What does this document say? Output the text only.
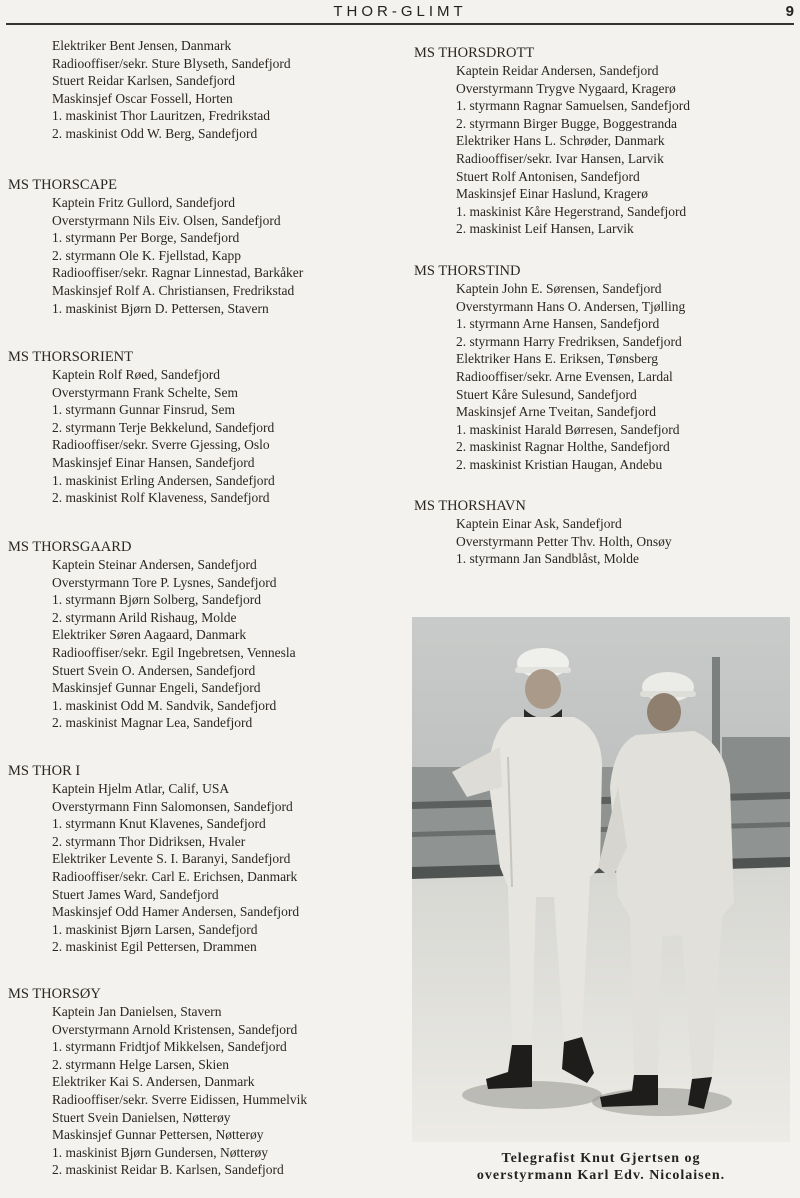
THOR-GLIMT	9
Elektriker Bent Jensen, Danmark
Radiooffiser/sekr. Sture Blyseth, Sandefjord
Stuert Reidar Karlsen, Sandefjord
Maskinsjef Oscar Fossell, Horten
1. maskinist Thor Lauritzen, Fredrikstad
2. maskinist Odd W. Berg, Sandefjord
MS THORSCAPE
Kaptein Fritz Gullord, Sandefjord
Overstyrmann Nils Eiv. Olsen, Sandefjord
1. styrmann Per Borge, Sandefjord
2. styrmann Ole K. Fjellstad, Kapp
Radiooffiser/sekr. Ragnar Linnestad, Barkåker
Maskinsjef Rolf A. Christiansen, Fredrikstad
1. maskinist Bjørn D. Pettersen, Stavern
MS THORSORIENT
Kaptein Rolf Røed, Sandefjord
Overstyrmann Frank Schelte, Sem
1. styrmann Gunnar Finsrud, Sem
2. styrmann Terje Bekkelund, Sandefjord
Radiooffiser/sekr. Sverre Gjessing, Oslo
Maskinsjef Einar Hansen, Sandefjord
1. maskinist Erling Andersen, Sandefjord
2. maskinist Rolf Klaveness, Sandefjord
MS THORSGAARD
Kaptein Steinar Andersen, Sandefjord
Overstyrmann Tore P. Lysnes, Sandefjord
1. styrmann Bjørn Solberg, Sandefjord
2. styrmann Arild Rishaug, Molde
Elektriker Søren Aagaard, Danmark
Radiooffiser/sekr. Egil Ingebretsen, Vennesla
Stuert Svein O. Andersen, Sandefjord
Maskinsjef Gunnar Engeli, Sandefjord
1. maskinist Odd M. Sandvik, Sandefjord
2. maskinist Magnar Lea, Sandefjord
MS THOR I
Kaptein Hjelm Atlar, Calif, USA
Overstyrmann Finn Salomonsen, Sandefjord
1. styrmann Knut Klavenes, Sandefjord
2. styrmann Thor Didriksen, Hvaler
Elektriker Levente S. I. Baranyi, Sandefjord
Radiooffiser/sekr. Carl E. Erichsen, Danmark
Stuert James Ward, Sandefjord
Maskinsjef Odd Hamer Andersen, Sandefjord
1. maskinist Bjørn Larsen, Sandefjord
2. maskinist Egil Pettersen, Drammen
MS THORSØY
Kaptein Jan Danielsen, Stavern
Overstyrmann Arnold Kristensen, Sandefjord
1. styrmann Fridtjof Mikkelsen, Sandefjord
2. styrmann Helge Larsen, Skien
Elektriker Kai S. Andersen, Danmark
Radiooffiser/sekr. Sverre Eidissen, Hummelvik
Stuert Svein Danielsen, Nøtterøy
Maskinsjef Gunnar Pettersen, Nøtterøy
1. maskinist Bjørn Gundersen, Nøtterøy
2. maskinist Reidar B. Karlsen, Sandefjord
MS THORSDROTT
Kaptein Reidar Andersen, Sandefjord
Overstyrmann Trygve Nygaard, Kragerø
1. styrmann Ragnar Samuelsen, Sandefjord
2. styrmann Birger Bugge, Boggestranda
Elektriker Hans L. Schrøder, Danmark
Radiooffiser/sekr. Ivar Hansen, Larvik
Stuert Rolf Antonisen, Sandefjord
Maskinsjef Einar Haslund, Kragerø
1. maskinist Kåre Hegerstrand, Sandefjord
2. maskinist Leif Hansen, Larvik
MS THORSTIND
Kaptein John E. Sørensen, Sandefjord
Overstyrmann Hans O. Andersen, Tjølling
1. styrmann Arne Hansen, Sandefjord
2. styrmann Harry Fredriksen, Sandefjord
Elektriker Hans E. Eriksen, Tønsberg
Radiooffiser/sekr. Arne Evensen, Lardal
Stuert Kåre Sulesund, Sandefjord
Maskinsjef Arne Tveitan, Sandefjord
1. maskinist Harald Børresen, Sandefjord
2. maskinist Ragnar Holthe, Sandefjord
2. maskinist Kristian Haugan, Andebu
MS THORSHAVN
Kaptein Einar Ask, Sandefjord
Overstyrmann Petter Thv. Holth, Onsøy
1. styrmann Jan Sandblåst, Molde
Telegrafist Knut Gjertsen og
overstyrmann Karl Edv. Nicolaisen.
